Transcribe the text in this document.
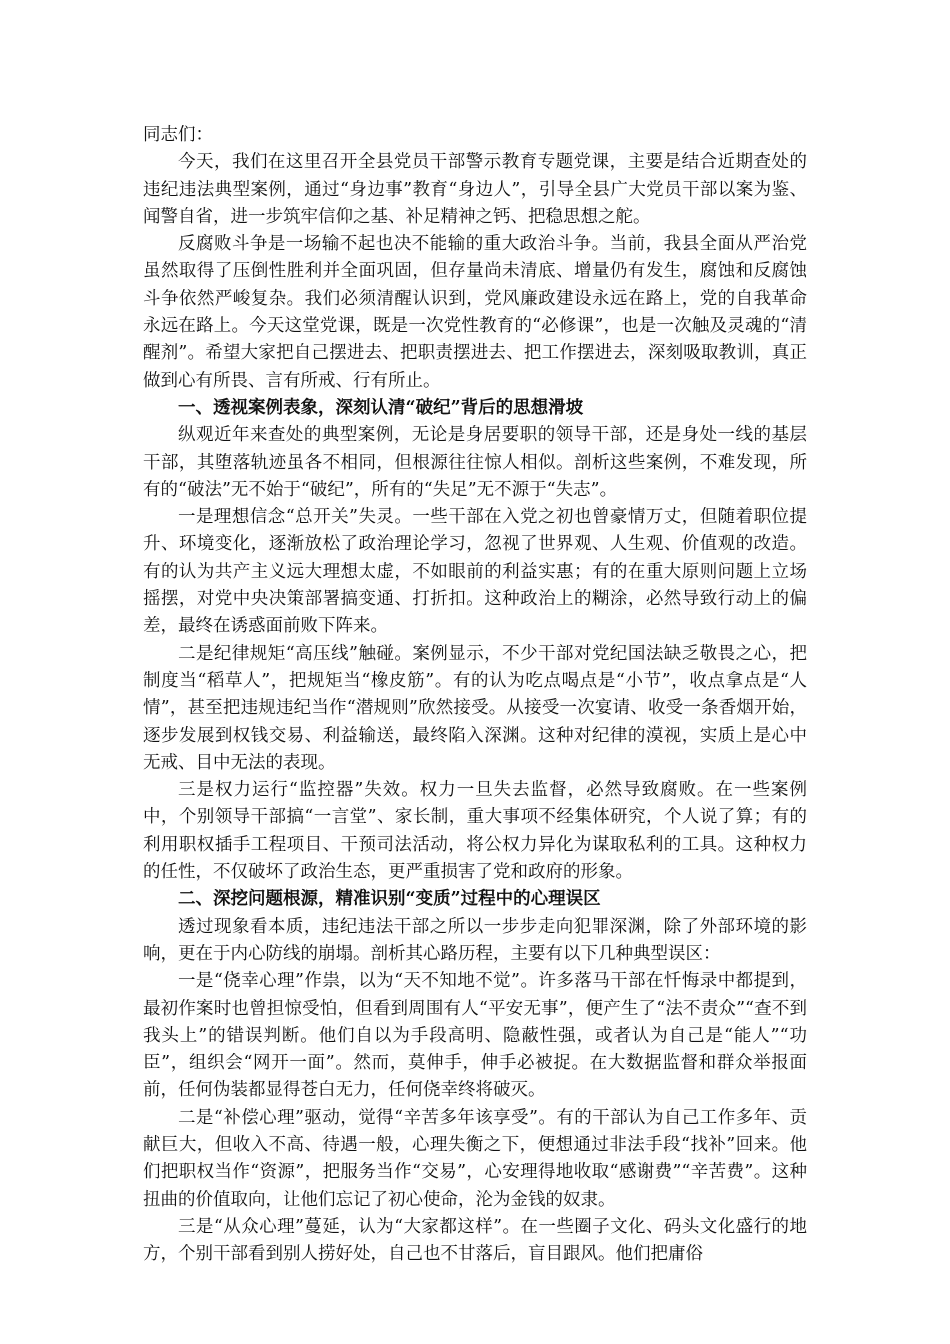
同志们：

今天，我们在这里召开全县党员干部警示教育专题党课，主要是结合近期查处的违纪违法典型案例，通过“身边事”教育“身边人”，引导全县广大党员干部以案为鉴、闻警自省，进一步筑牢信仰之基、补足精神之钙、把稳思想之舵。

反腐败斗争是一场输不起也决不能输的重大政治斗争。当前，我县全面从严治党虽然取得了压倒性胜利并全面巩固，但存量尚未清底、增量仍有发生，腐蚀和反腐蚀斗争依然严峻复杂。我们必须清醒认识到，党风廉政建设永远在路上，党的自我革命永远在路上。今天这堂党课，既是一次党性教育的“必修课”，也是一次触及灵魂的“清醒剂”。希望大家把自己摆进去、把职责摆进去、把工作摆进去，深刻吸取教训，真正做到心有所畏、言有所戒、行有所止。

一、透视案例表象，深刻认清“破纪”背后的思想滑坡

纵观近年来查处的典型案例，无论是身居要职的领导干部，还是身处一线的基层干部，其堕落轨迹虽各不相同，但根源往往惊人相似。剖析这些案例，不难发现，所有的“破法”无不始于“破纪”，所有的“失足”无不源于“失志”。

一是理想信念“总开关”失灵。一些干部在入党之初也曾豪情万丈，但随着职位提升、环境变化，逐渐放松了政治理论学习，忽视了世界观、人生观、价值观的改造。有的认为共产主义远大理想太虚，不如眼前的利益实惠；有的在重大原则问题上立场摇摆，对党中央决策部署搞变通、打折扣。这种政治上的糊涂，必然导致行动上的偏差，最终在诱惑面前败下阵来。

二是纪律规矩“高压线”触碰。案例显示，不少干部对党纪国法缺乏敬畏之心，把制度当“稻草人”，把规矩当“橡皮筋”。有的认为吃点喝点是“小节”，收点拿点是“人情”，甚至把违规违纪当作“潜规则”欣然接受。从接受一次宴请、收受一条香烟开始，逐步发展到权钱交易、利益输送，最终陷入深渊。这种对纪律的漠视，实质上是心中无戒、目中无法的表现。

三是权力运行“监控器”失效。权力一旦失去监督，必然导致腐败。在一些案例中，个别领导干部搞“一言堂”、家长制，重大事项不经集体研究，个人说了算；有的利用职权插手工程项目、干预司法活动，将公权力异化为谋取私利的工具。这种权力的任性，不仅破坏了政治生态，更严重损害了党和政府的形象。

二、深挖问题根源，精准识别“变质”过程中的心理误区

透过现象看本质，违纪违法干部之所以一步步走向犯罪深渊，除了外部环境的影响，更在于内心防线的崩塌。剖析其心路历程，主要有以下几种典型误区：

一是“侥幸心理”作祟，以为“天不知地不觉”。许多落马干部在忏悔录中都提到，最初作案时也曾担惊受怕，但看到周围有人“平安无事”，便产生了“法不责众”“查不到我头上”的错误判断。他们自以为手段高明、隐蔽性强，或者认为自己是“能人”“功臣”，组织会“网开一面”。然而，莫伸手，伸手必被捉。在大数据监督和群众举报面前，任何伪装都显得苍白无力，任何侥幸终将破灭。

二是“补偿心理”驱动，觉得“辛苦多年该享受”。有的干部认为自己工作多年、贡献巨大，但收入不高、待遇一般，心理失衡之下，便想通过非法手段“找补”回来。他们把职权当作“资源”，把服务当作“交易”，心安理得地收取“感谢费”“辛苦费”。这种扭曲的价值取向，让他们忘记了初心使命，沦为金钱的奴隶。

三是“从众心理”蔓延，认为“大家都这样”。在一些圈子文化、码头文化盛行的地方，个别干部看到别人捞好处，自己也不甘落后，盲目跟风。他们把庸俗
